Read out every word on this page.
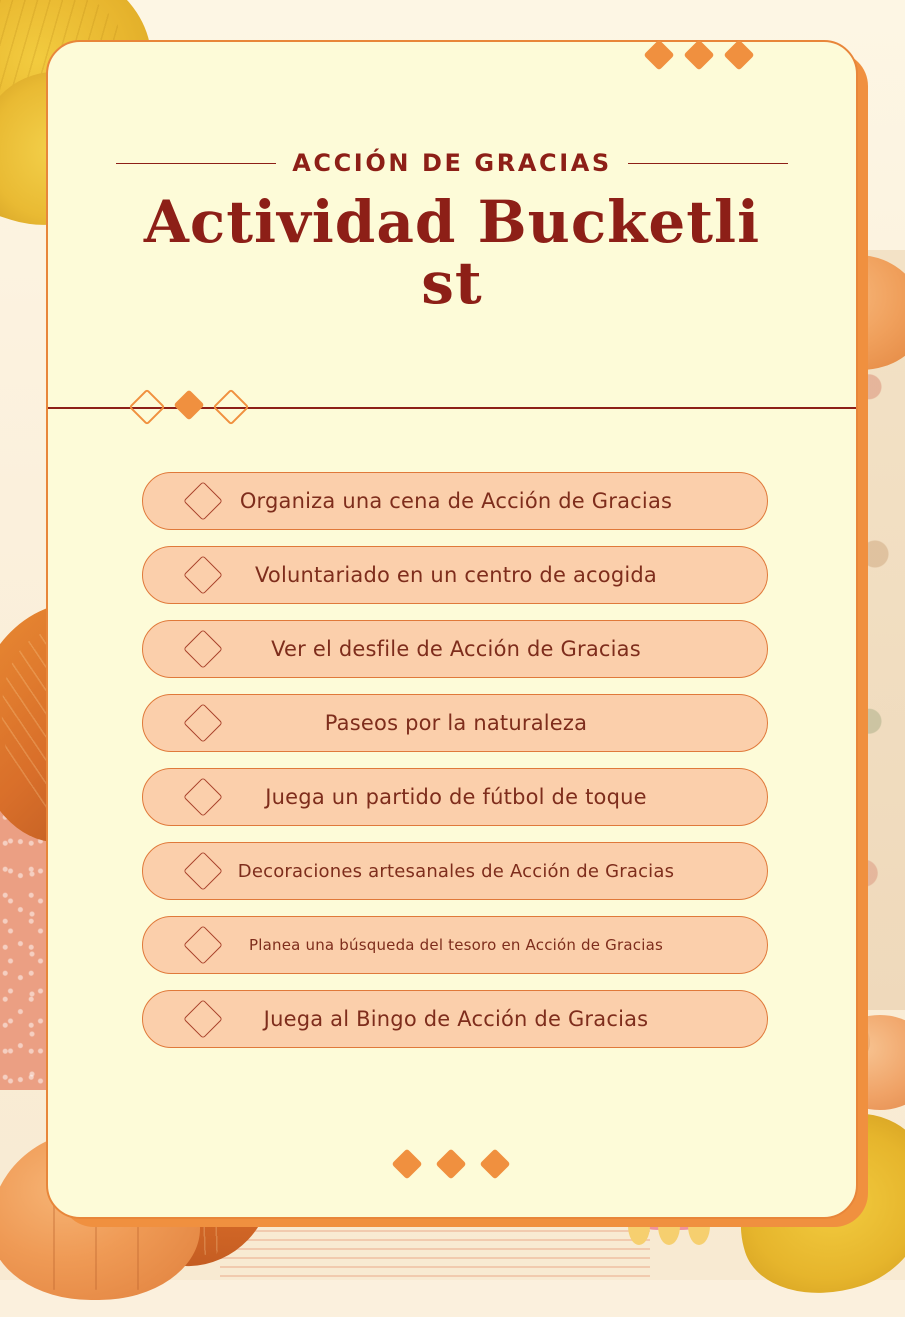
ACCIÓN DE GRACIAS
Actividad Bucketlist
Organiza una cena de Acción de Gracias
Voluntariado en un centro de acogida
Ver el desfile de Acción de Gracias
Paseos por la naturaleza
Juega un partido de fútbol de toque
Decoraciones artesanales de Acción de Gracias
Planea una búsqueda del tesoro en Acción de Gracias
Juega al Bingo de Acción de Gracias
